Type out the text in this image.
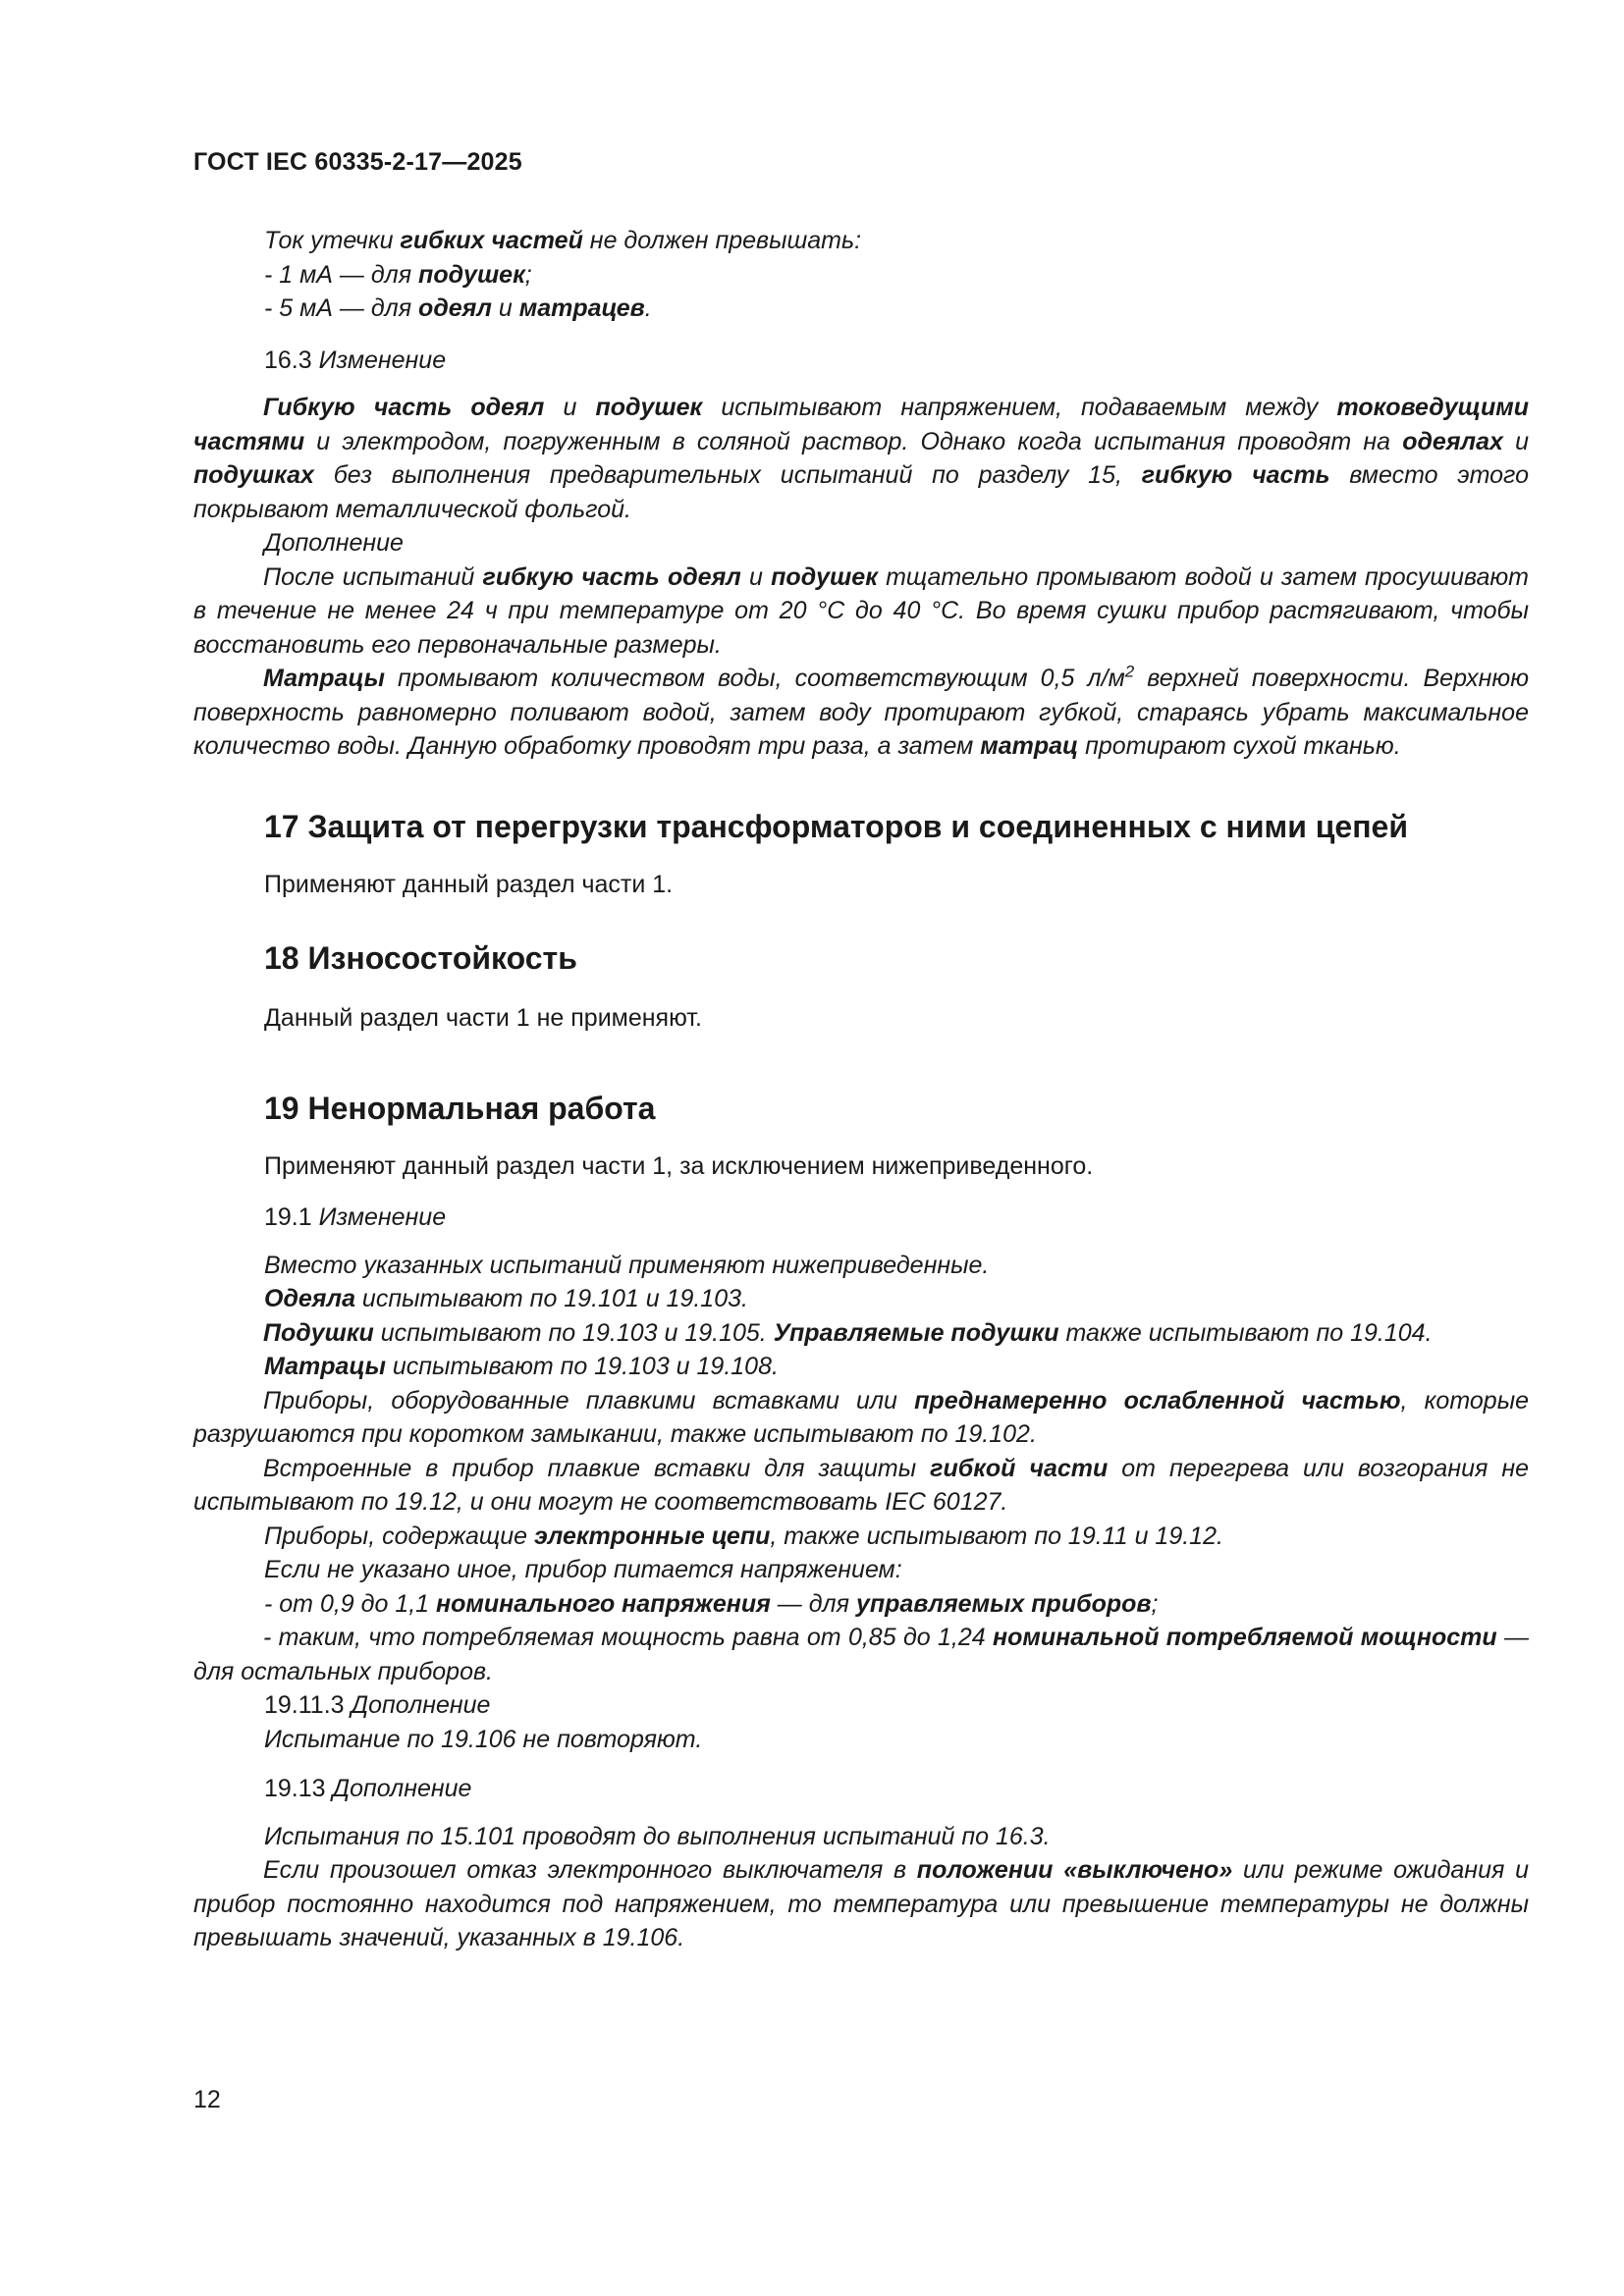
ГОСТ IEC 60335-2-17—2025

Ток утечки гибких частей не должен превышать:

- 1 мА — для подушек;

- 5 мА — для одеял и матрацев.

16.3 Изменение

Гибкую часть одеял и подушек испытывают напряжением, подаваемым между токоведущими частями и электродом, погруженным в соляной раствор. Однако когда испытания проводят на одеялах и подушках без выполнения предварительных испытаний по разделу 15, гибкую часть вместо этого покрывают металлической фольгой.

Дополнение

После испытаний гибкую часть одеял и подушек тщательно промывают водой и затем просушивают в течение не менее 24 ч при температуре от 20 °C до 40 °C. Во время сушки прибор растягивают, чтобы восстановить его первоначальные размеры.

Матрацы промывают количеством воды, соответствующим 0,5 $л/м^2$ верхней поверхности. Верхнюю поверхность равномерно поливают водой, затем воду протирают губкой, стараясь убрать максимальное количество воды. Данную обработку проводят три раза, а затем матрац протирают сухой тканью.

17 Защита от перегрузки трансформаторов и соединенных с ними цепей

Применяют данный раздел части 1.

18 Износостойкость

Данный раздел части 1 не применяют.

19 Ненормальная работа

Применяют данный раздел части 1, за исключением нижеприведенного.

19.1 Изменение

Вместо указанных испытаний применяют нижеприведенные.

Одеяла испытывают по 19.101 и 19.103.

Подушки испытывают по 19.103 и 19.105. Управляемые подушки также испытывают по 19.104.

Матрацы испытывают по 19.103 и 19.108.

Приборы, оборудованные плавкими вставками или преднамеренно ослабленной частью, которые разрушаются при коротком замыкании, также испытывают по 19.102.

Встроенные в прибор плавкие вставки для защиты гибкой части от перегрева или возгорания не испытывают по 19.12, и они могут не соответствовать IEC 60127.

Приборы, содержащие электронные цепи, также испытывают по 19.11 и 19.12.

Если не указано иное, прибор питается напряжением:

- от 0,9 до 1,1 номинального напряжения — для управляемых приборов;

- таким, что потребляемая мощность равна от 0,85 до 1,24 номинальной потребляемой мощности — для остальных приборов.

19.11.3 Дополнение

Испытание по 19.106 не повторяют.

19.13 Дополнение

Испытания по 15.101 проводят до выполнения испытаний по 16.3.

Если произошел отказ электронного выключателя в положении «выключено» или режиме ожидания и прибор постоянно находится под напряжением, то температура или превышение температуры не должны превышать значений, указанных в 19.106.

12
